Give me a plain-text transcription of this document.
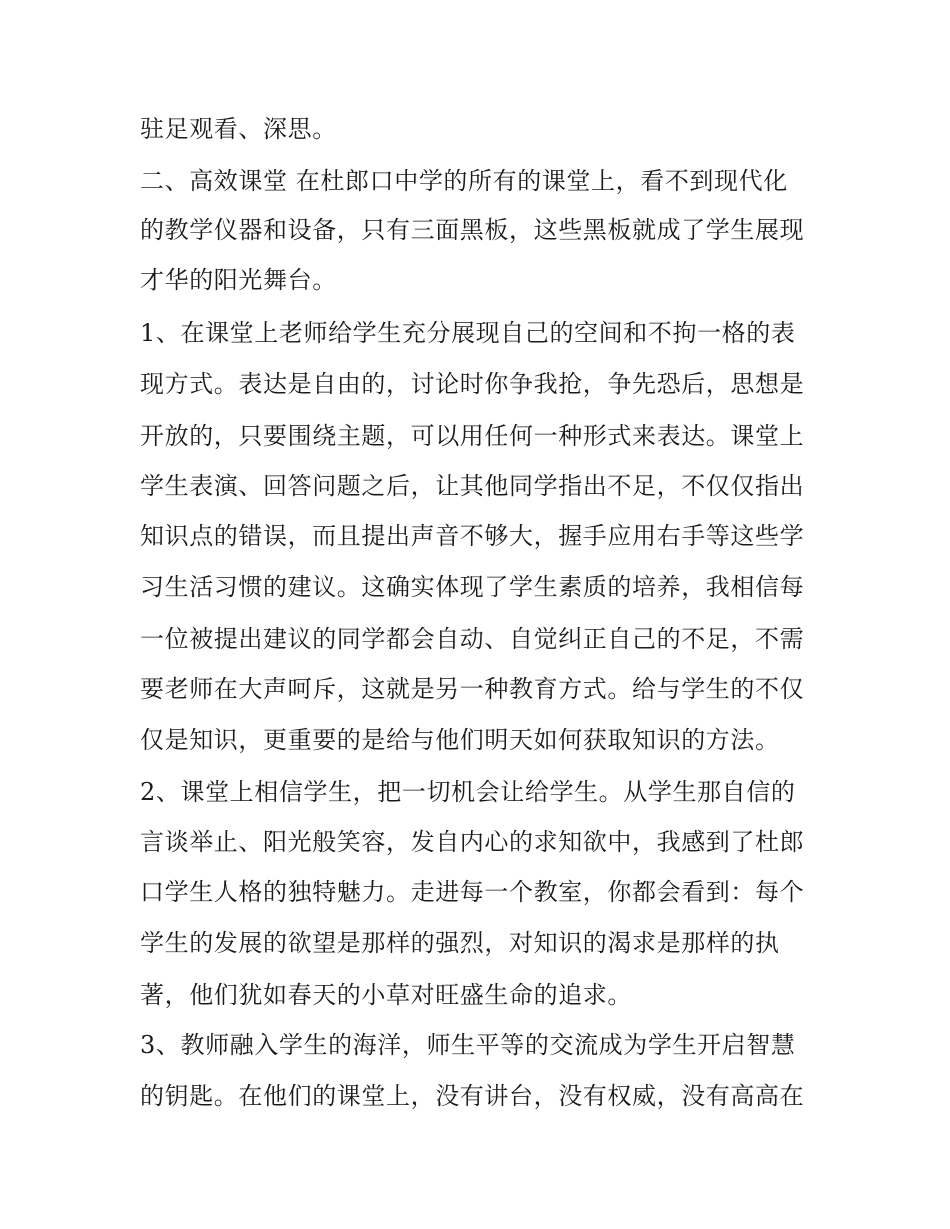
驻足观看、深思。
二、高效课堂 在杜郎口中学的所有的课堂上，看不到现代化
的教学仪器和设备，只有三面黑板，这些黑板就成了学生展现
才华的阳光舞台。
1、在课堂上老师给学生充分展现自己的空间和不拘一格的表
现方式。表达是自由的，讨论时你争我抢，争先恐后，思想是
开放的，只要围绕主题，可以用任何一种形式来表达。课堂上
学生表演、回答问题之后，让其他同学指出不足，不仅仅指出
知识点的错误，而且提出声音不够大，握手应用右手等这些学
习生活习惯的建议。这确实体现了学生素质的培养，我相信每
一位被提出建议的同学都会自动、自觉纠正自己的不足，不需
要老师在大声呵斥，这就是另一种教育方式。给与学生的不仅
仅是知识，更重要的是给与他们明天如何获取知识的方法。
2、课堂上相信学生，把一切机会让给学生。从学生那自信的
言谈举止、阳光般笑容，发自内心的求知欲中，我感到了杜郎
口学生人格的独特魅力。走进每一个教室，你都会看到：每个
学生的发展的欲望是那样的强烈，对知识的渴求是那样的执
著，他们犹如春天的小草对旺盛生命的追求。
3、教师融入学生的海洋，师生平等的交流成为学生开启智慧
的钥匙。在他们的课堂上，没有讲台，没有权威，没有高高在
